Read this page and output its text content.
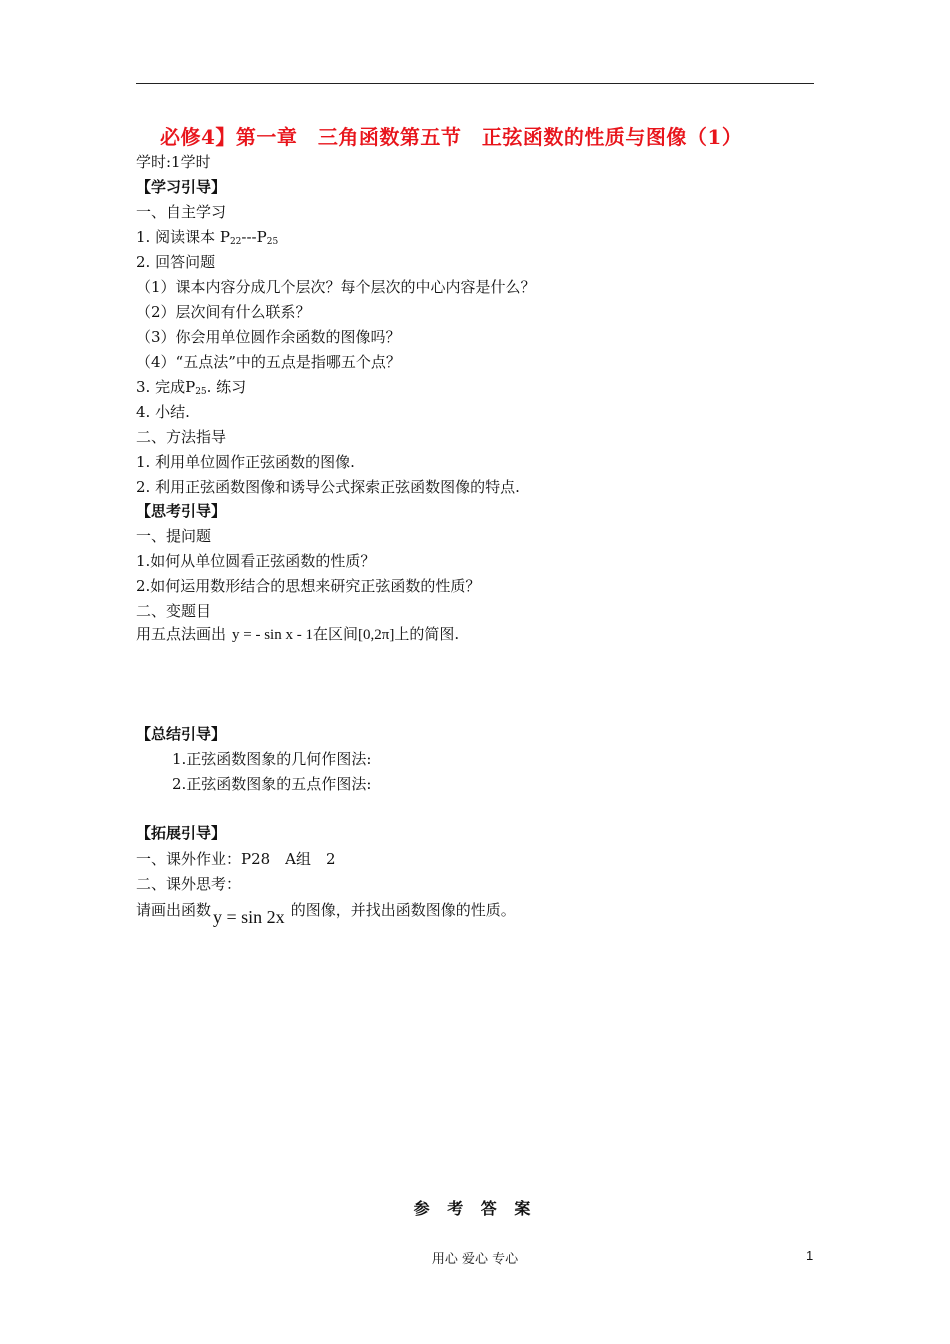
必修4】第一章　三角函数第五节　正弦函数的性质与图像（1）
学时:1学时
【学习引导】
一、自主学习
1. 阅读课本 $P_{22}---P_{25}$
2. 回答问题
（1）课本内容分成几个层次？每个层次的中心内容是什么？
（2）层次间有什么联系？
（3）你会用单位圆作余函数的图像吗？
（4）“五点法”中的五点是指哪五个点？
3. 完成$P_{25}$. 练习
4. 小结.
二、方法指导
1. 利用单位圆作正弦函数的图像.
2. 利用正弦函数图像和诱导公式探索正弦函数图像的特点.
【思考引导】
一、提问题
1.如何从单位圆看正弦函数的性质？
2.如何运用数形结合的思想来研究正弦函数的性质？
二、变题目
用五点法画出 y = - sin x - 1在区间[0,2π]上的简图.
【总结引导】
1.正弦函数图象的几何作图法:
2.正弦函数图象的五点作图法:
【拓展引导】
一、课外作业：P28　A组　2
二、课外思考：
请画出函数 y = sin 2x 的图像，并找出函数图像的性质。
参 考 答 案
用心 爱心 专心	1
